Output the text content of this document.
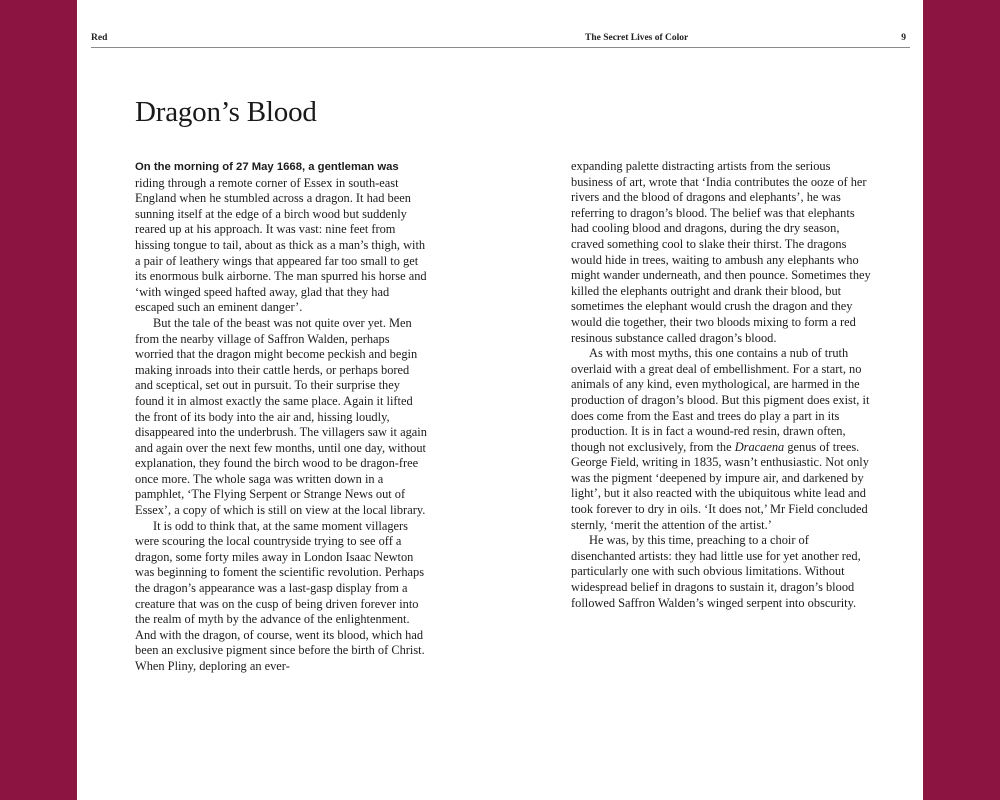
Red	The Secret Lives of Color	9
Dragon’s Blood

On the morning of 27 May 1668, a gentleman was riding through a remote corner of Essex in south-east England when he stumbled across a dragon. It had been sunning itself at the edge of a birch wood but suddenly reared up at his approach. It was vast: nine feet from hissing tongue to tail, about as thick as a man’s thigh, with a pair of leathery wings that appeared far too small to get its enormous bulk airborne. The man spurred his horse and ‘with winged speed hafted away, glad that they had escaped such an eminent danger’.

But the tale of the beast was not quite over yet. Men from the nearby village of Saffron Walden, perhaps worried that the dragon might become peckish and begin making inroads into their cattle herds, or perhaps bored and sceptical, set out in pursuit. To their surprise they found it in almost exactly the same place. Again it lifted the front of its body into the air and, hissing loudly, disappeared into the underbrush. The villagers saw it again and again over the next few months, until one day, without explanation, they found the birch wood to be dragon-free once more. The whole saga was written down in a pamphlet, ‘The Flying Serpent or Strange News out of Essex’, a copy of which is still on view at the local library.

It is odd to think that, at the same moment villagers were scouring the local countryside trying to see off a dragon, some forty miles away in London Isaac Newton was beginning to foment the scientific revolution. Perhaps the dragon’s appearance was a last-gasp display from a creature that was on the cusp of being driven forever into the realm of myth by the advance of the enlightenment. And with the dragon, of course, went its blood, which had been an exclusive pigment since before the birth of Christ. When Pliny, deploring an ever-

expanding palette distracting artists from the serious business of art, wrote that ‘India contributes the ooze of her rivers and the blood of dragons and elephants’, he was referring to dragon’s blood. The belief was that elephants had cooling blood and dragons, during the dry season, craved something cool to slake their thirst. The dragons would hide in trees, waiting to ambush any elephants who might wander underneath, and then pounce. Sometimes they killed the elephants outright and drank their blood, but sometimes the elephant would crush the dragon and they would die together, their two bloods mixing to form a red resinous substance called dragon’s blood.

As with most myths, this one contains a nub of truth overlaid with a great deal of embellishment. For a start, no animals of any kind, even mythological, are harmed in the production of dragon’s blood. But this pigment does exist, it does come from the East and trees do play a part in its production. It is in fact a wound-red resin, drawn often, though not exclusively, from the Dracaena genus of trees. George Field, writing in 1835, wasn’t enthusiastic. Not only was the pigment ‘deepened by impure air, and darkened by light’, but it also reacted with the ubiquitous white lead and took forever to dry in oils. ‘It does not,’ Mr Field concluded sternly, ‘merit the attention of the artist.’

He was, by this time, preaching to a choir of disenchanted artists: they had little use for yet another red, particularly one with such obvious limitations. Without widespread belief in dragons to sustain it, dragon’s blood followed Saffron Walden’s winged serpent into obscurity.
